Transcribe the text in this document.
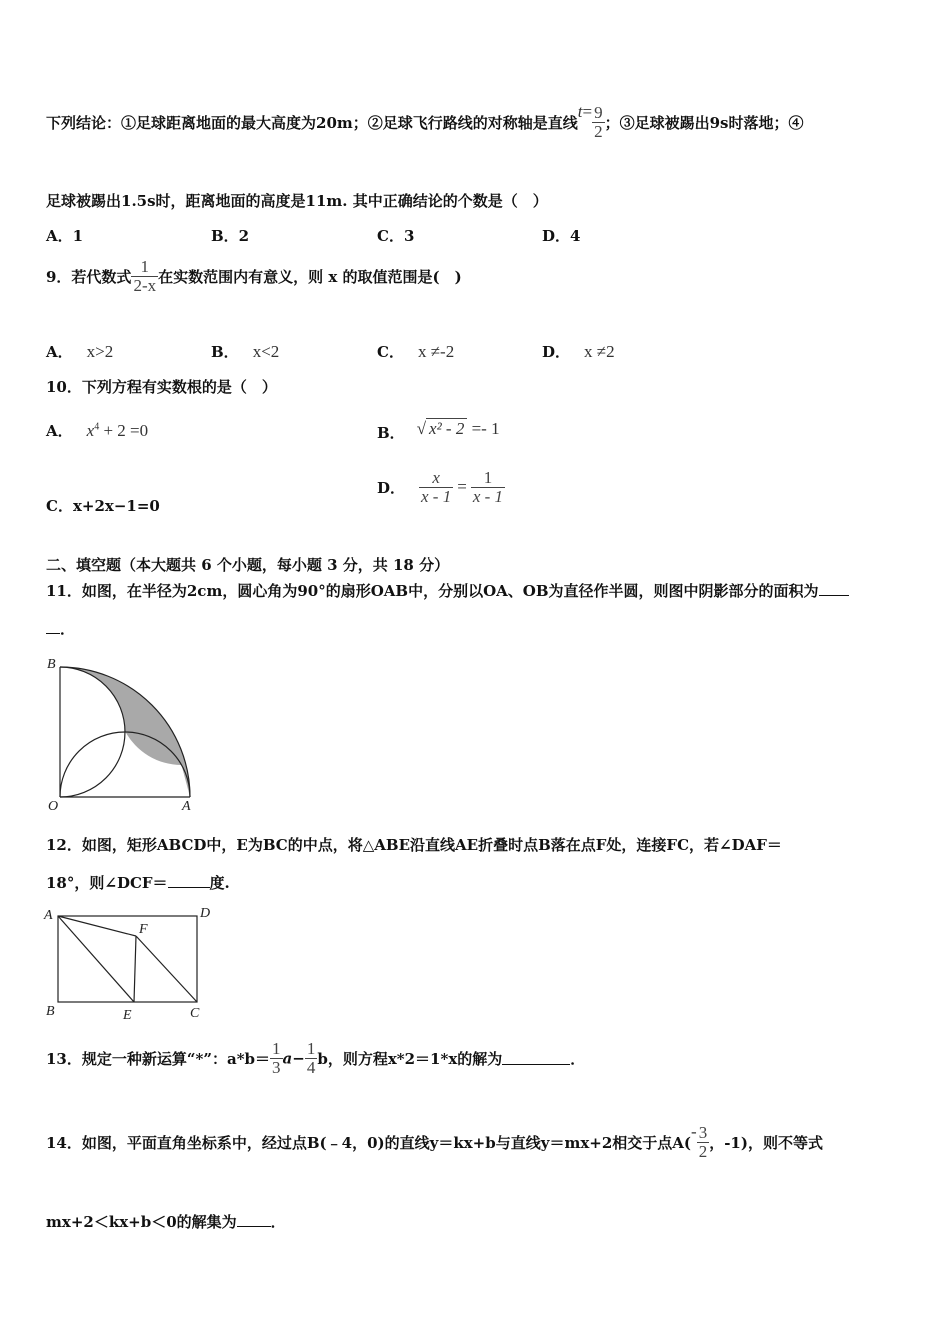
下列结论：①足球距离地面的最大高度为20m；②足球飞行路线的对称轴是直线$t= \frac{9}{2}$ ；③足球被踢出9s时落地；④
足球被踢出1.5s时，距离地面的高度是11m. 其中正确结论的个数是（　）
A．1	B．2	C．3	D．4
9．若代数式 $\frac{1}{2-x}$ 在实数范围内有意义，则 x 的取值范围是(　)
A． x>2	B． x<2	C． x ≠-2	D． x ≠2
10．下列方程有实数根的是（　）
A． $x^4 + 2 =0$	B． √ x² - 2 =- 1
C．x+2x−1=0
D． $\frac{x}{x - 1} = \frac{1}{x - 1}$
二、填空题（本大题共 6 个小题，每小题 3 分，共 18 分）
11．如图，在半径为2cm，圆心角为90°的扇形OAB中，分别以OA、OB为直径作半圆，则图中阴影部分的面积为
．
B
O	A
12．如图，矩形ABCD中，E为BC的中点，将△ABE沿直线AE折叠时点B落在点F处，连接FC，若∠DAF＝
18°，则∠DCF＝	度.
A	D
F
B	E	C
13．规定一种新运算“*”：$a*b= \frac{1}{3} a- \frac{1}{4}$ b，则方程x*2＝1*x的解为	．
14．如图，平面直角坐标系中，经过点B(﹣4，0)的直线y＝kx+b与直线y＝mx+2相交于点$A(- \frac{3}{2}$ ，-1)，则不等式
mx+2＜kx+b＜0的解集为 ．
